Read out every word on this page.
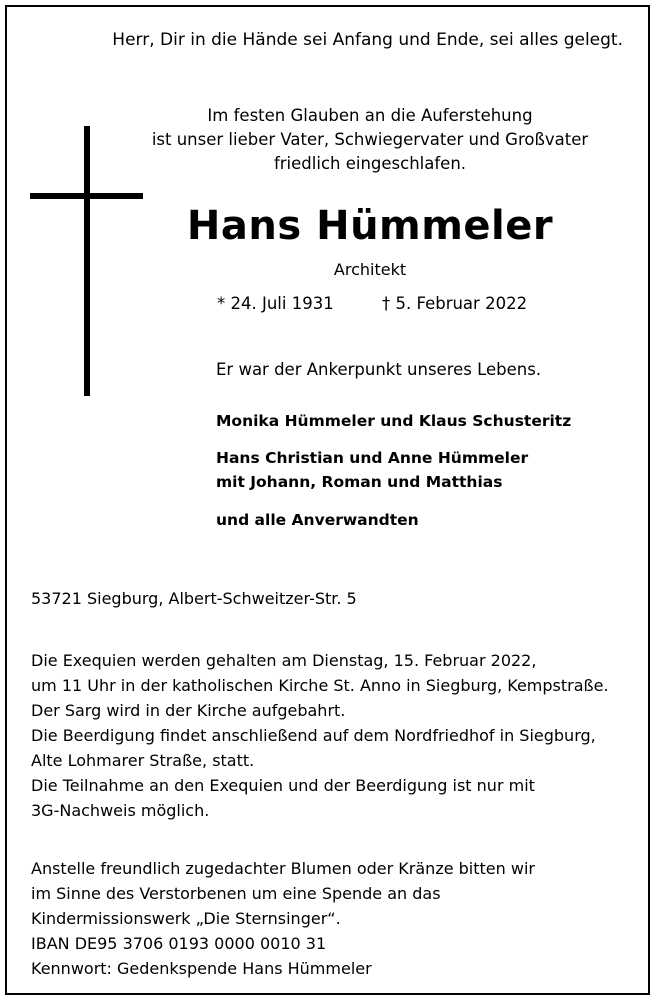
Herr, Dir in die Hände sei Anfang und Ende, sei alles gelegt.
Im festen Glauben an die Auferstehung
ist unser lieber Vater, Schwiegervater und Großvater
friedlich eingeschlafen.
Hans Hümmeler
Architekt
* 24. Juli 1931	† 5. Februar 2022
Er war der Ankerpunkt unseres Lebens.
Monika Hümmeler und Klaus Schusteritz
Hans Christian und Anne Hümmeler
mit Johann, Roman und Matthias
und alle Anverwandten
53721 Siegburg, Albert-Schweitzer-Str. 5
Die Exequien werden gehalten am Dienstag, 15. Februar 2022,
um 11 Uhr in der katholischen Kirche St. Anno in Siegburg, Kempstraße.
Der Sarg wird in der Kirche aufgebahrt.
Die Beerdigung findet anschließend auf dem Nordfriedhof in Siegburg,
Alte Lohmarer Straße, statt.
Die Teilnahme an den Exequien und der Beerdigung ist nur mit
3G-Nachweis möglich.
Anstelle freundlich zugedachter Blumen oder Kränze bitten wir
im Sinne des Verstorbenen um eine Spende an das
Kindermissionswerk „Die Sternsinger“.
IBAN DE95 3706 0193 0000 0010 31
Kennwort: Gedenkspende Hans Hümmeler
